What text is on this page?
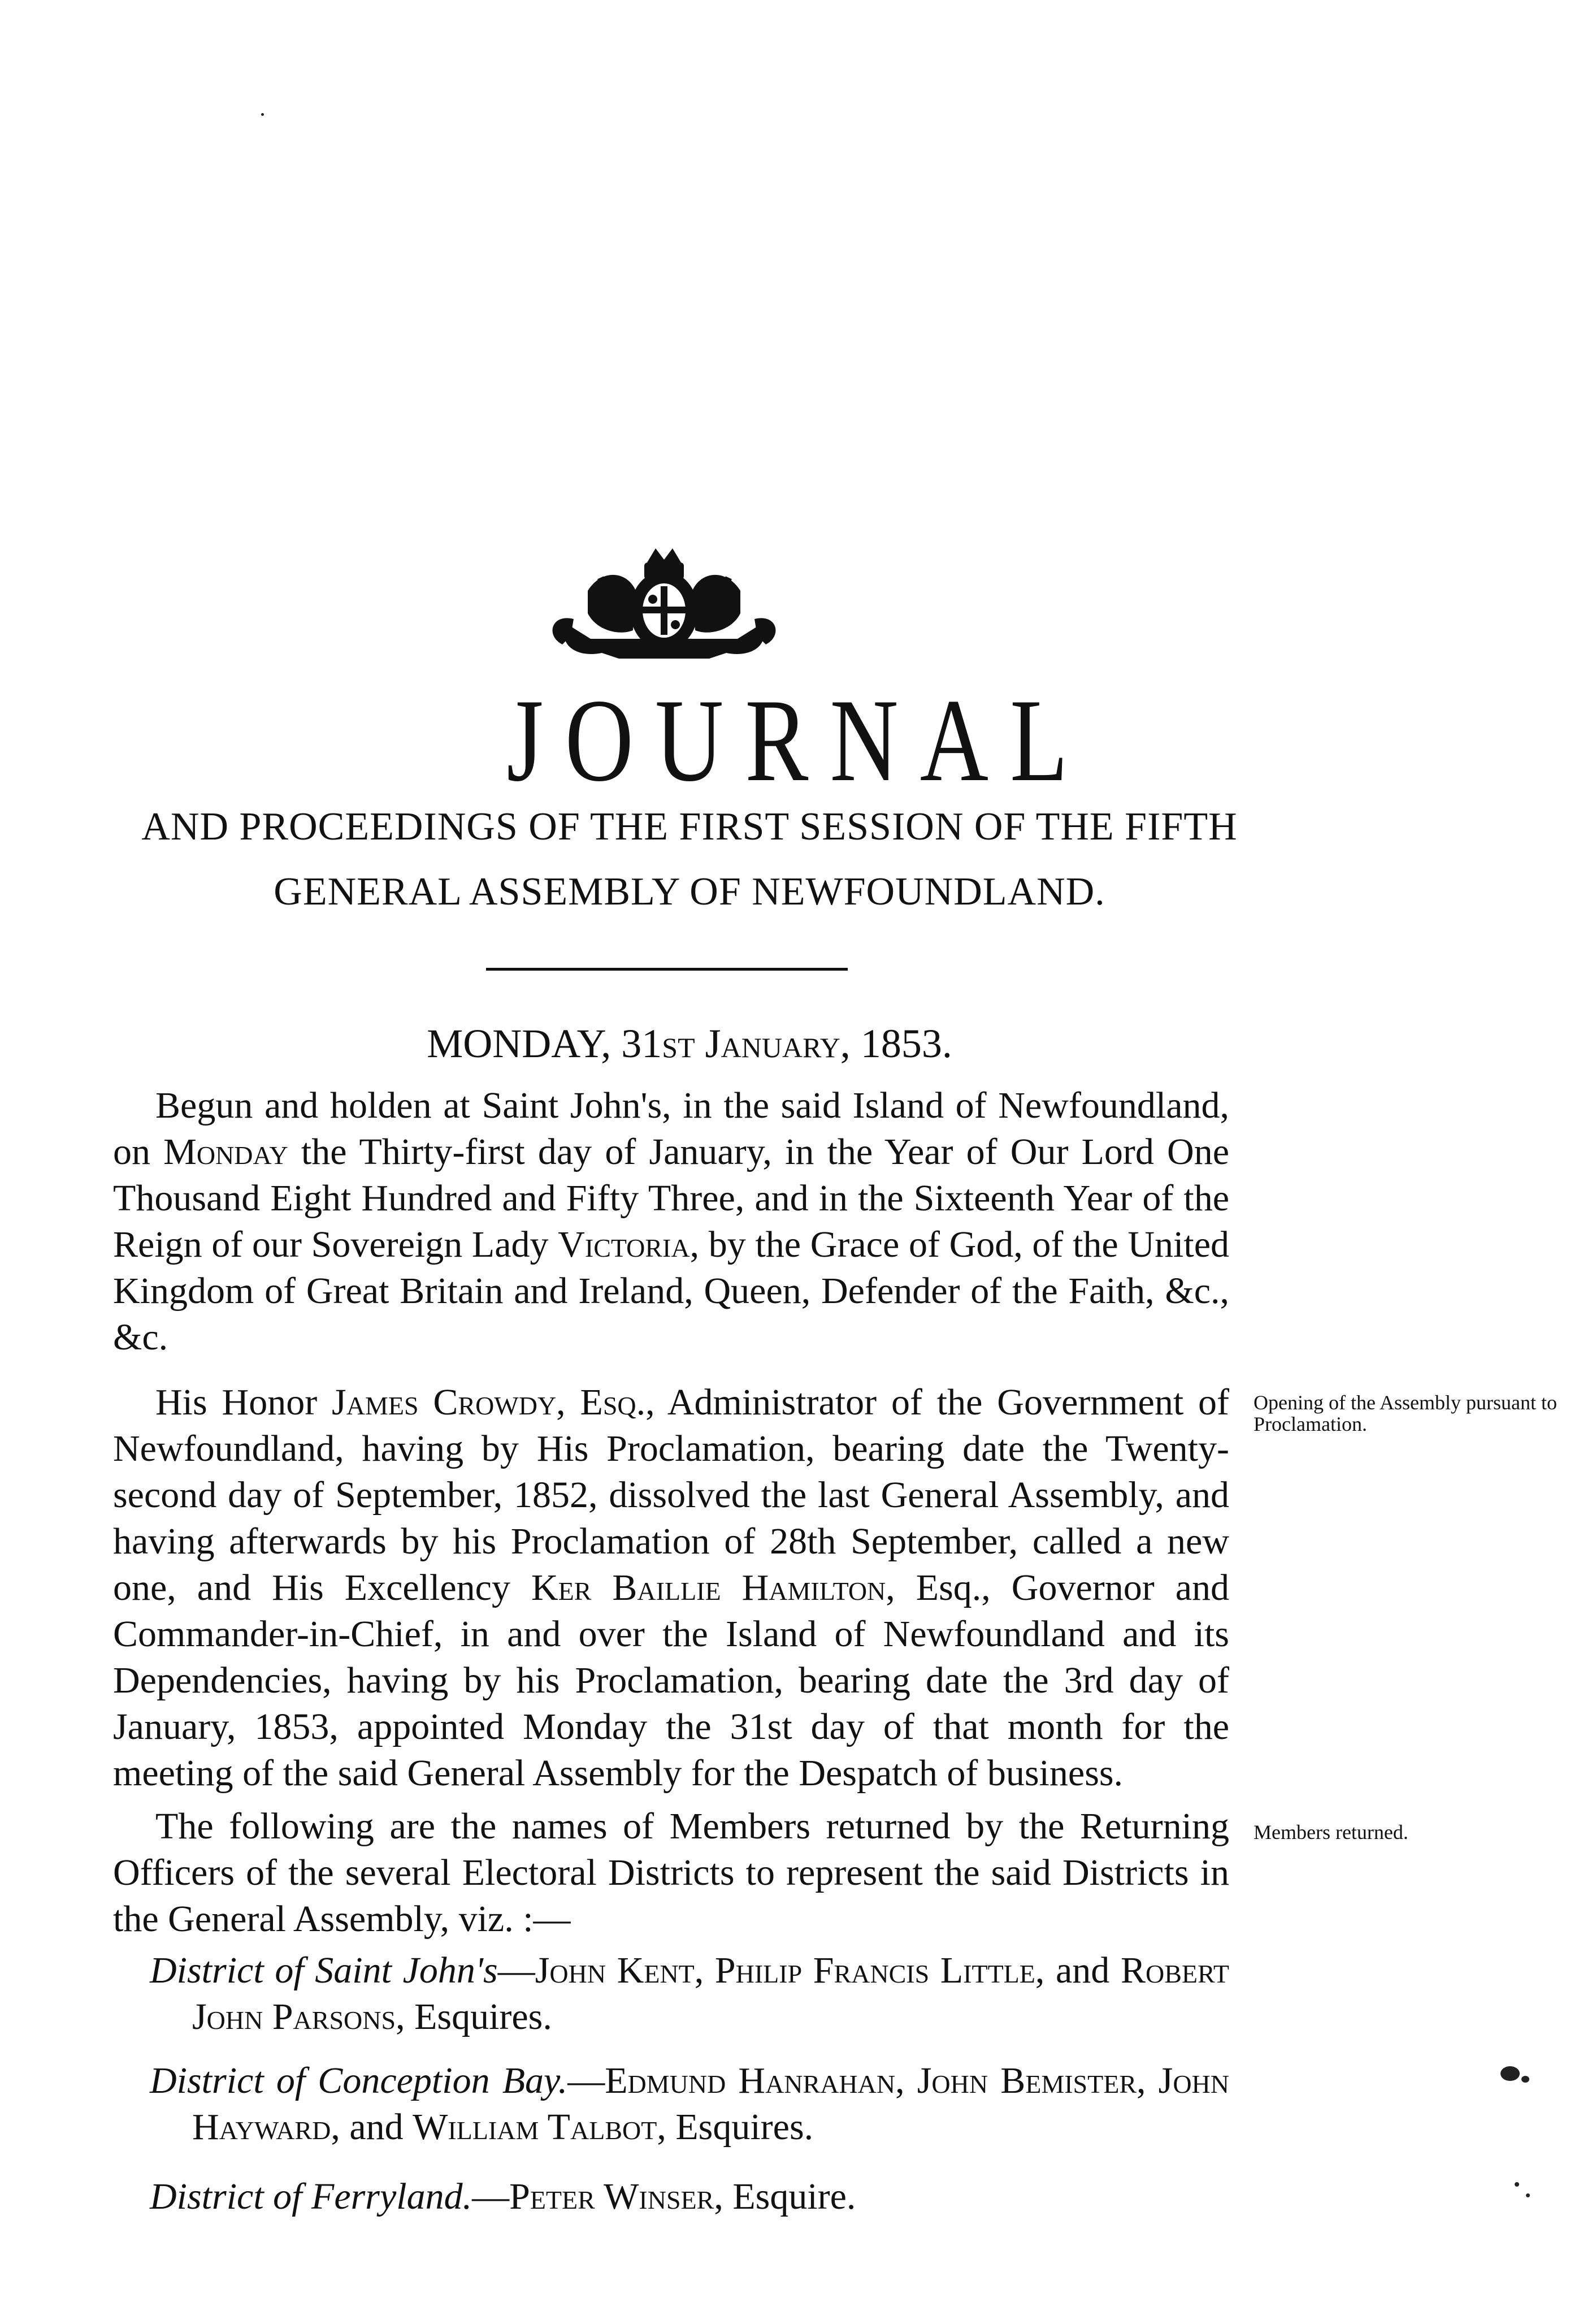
JOURNAL
AND PROCEEDINGS OF THE FIRST SESSION OF THE FIFTH
GENERAL ASSEMBLY OF NEWFOUNDLAND.
MONDAY, 31st January, 1853.

Begun and holden at Saint John's, in the said Island of Newfoundland, on Monday the Thirty-first day of January, in the Year of Our Lord One Thousand Eight Hundred and Fifty Three, and in the Sixteenth Year of the Reign of our Sovereign Lady Victoria, by the Grace of God, of the United Kingdom of Great Britain and Ireland, Queen, Defender of the Faith, &c., &c.

His Honor James Crowdy, Esq., Administrator of the Government of Newfoundland, having by His Proclamation, bearing date the Twenty-second day of September, 1852, dissolved the last General Assembly, and having afterwards by his Proclamation of 28th September, called a new one, and His Excellency Ker Baillie Hamilton, Esq., Governor and Commander-in-Chief, in and over the Island of Newfoundland and its Dependencies, having by his Proclamation, bearing date the 3rd day of January, 1853, appointed Monday the 31st day of that month for the meeting of the said General Assembly for the Despatch of business.

The following are the names of Members returned by the Returning Officers of the several Electoral Districts to represent the said Districts in the General Assembly, viz. :—

District of Saint John's—John Kent, Philip Francis Little, and Robert John Parsons, Esquires.

District of Conception Bay.—Edmund Hanrahan, John Bemister, John Hayward, and William Talbot, Esquires.

District of Ferryland.—Peter Winser, Esquire.

Opening of the Assembly pursuant to Proclamation.
Members returned.
